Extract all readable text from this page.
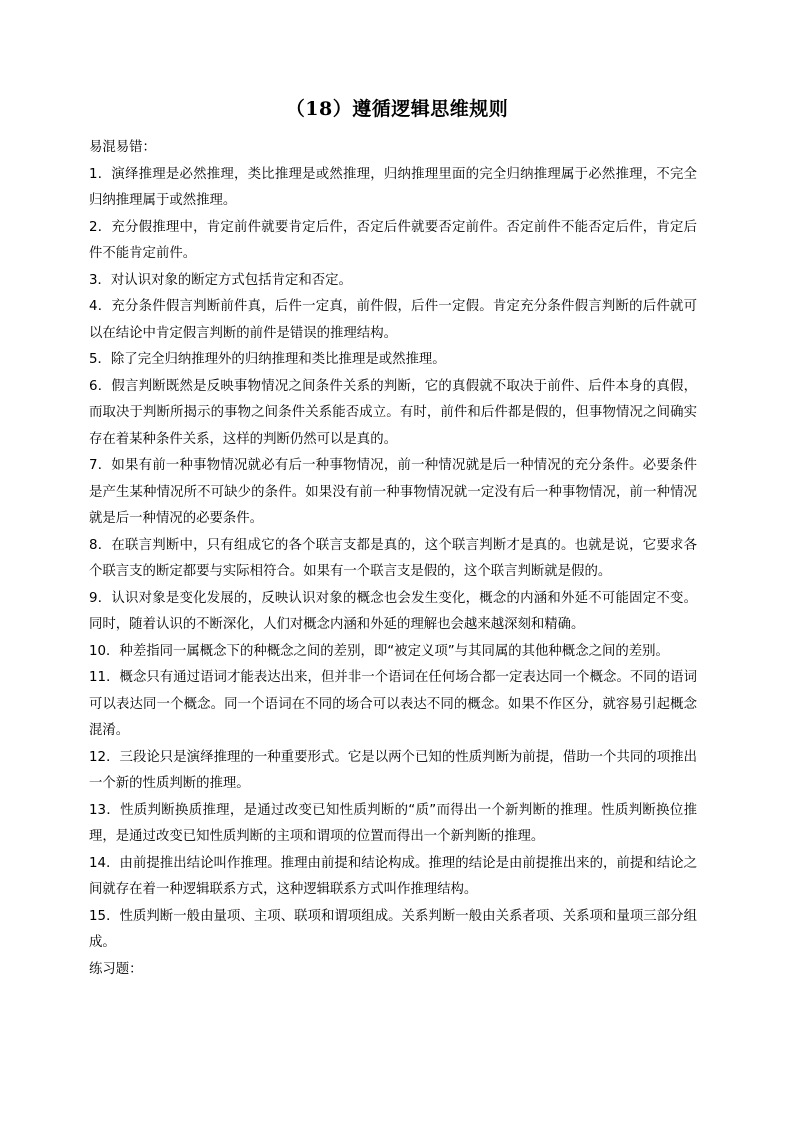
（18）遵循逻辑思维规则

易混易错：

1．演绎推理是必然推理，类比推理是或然推理，归纳推理里面的完全归纳推理属于必然推理，不完全归纳推理属于或然推理。

2．充分假推理中，肯定前件就要肯定后件，否定后件就要否定前件。否定前件不能否定后件，肯定后件不能肯定前件。

3．对认识对象的断定方式包括肯定和否定。

4．充分条件假言判断前件真，后件一定真，前件假，后件一定假。肯定充分条件假言判断的后件就可以在结论中肯定假言判断的前件是错误的推理结构。

5．除了完全归纳推理外的归纳推理和类比推理是或然推理。

6．假言判断既然是反映事物情况之间条件关系的判断，它的真假就不取决于前件、后件本身的真假，而取决于判断所揭示的事物之间条件关系能否成立。有时，前件和后件都是假的，但事物情况之间确实存在着某种条件关系，这样的判断仍然可以是真的。

7．如果有前一种事物情况就必有后一种事物情况，前一种情况就是后一种情况的充分条件。必要条件是产生某种情况所不可缺少的条件。如果没有前一种事物情况就一定没有后一种事物情况，前一种情况就是后一种情况的必要条件。

8．在联言判断中，只有组成它的各个联言支都是真的，这个联言判断才是真的。也就是说，它要求各个联言支的断定都要与实际相符合。如果有一个联言支是假的，这个联言判断就是假的。

9．认识对象是变化发展的，反映认识对象的概念也会发生变化，概念的内涵和外延不可能固定不变。同时，随着认识的不断深化，人们对概念内涵和外延的理解也会越来越深刻和精确。

10．种差指同一属概念下的种概念之间的差别，即“被定义项”与其同属的其他种概念之间的差别。

11．概念只有通过语词才能表达出来，但并非一个语词在任何场合都一定表达同一个概念。不同的语词可以表达同一个概念。同一个语词在不同的场合可以表达不同的概念。如果不作区分，就容易引起概念混淆。

12．三段论只是演绎推理的一种重要形式。它是以两个已知的性质判断为前提，借助一个共同的项推出一个新的性质判断的推理。

13．性质判断换质推理，是通过改变已知性质判断的“质”而得出一个新判断的推理。性质判断换位推理，是通过改变已知性质判断的主项和谓项的位置而得出一个新判断的推理。

14．由前提推出结论叫作推理。推理由前提和结论构成。推理的结论是由前提推出来的，前提和结论之间就存在着一种逻辑联系方式，这种逻辑联系方式叫作推理结构。

15．性质判断一般由量项、主项、联项和谓项组成。关系判断一般由关系者项、关系项和量项三部分组成。

练习题：
